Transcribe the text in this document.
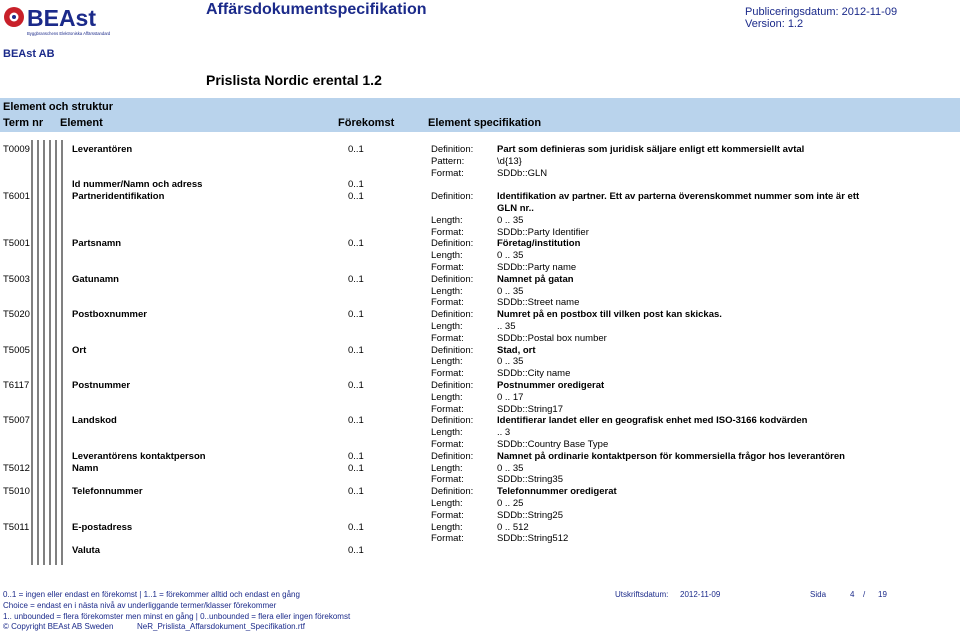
BEAst
Byggbranschens Elektroniska Affärsstandard
Affärsdokumentspecifikation	Publiceringsdatum: 2012-11-09
Version: 1.2
BEAst AB
Prislista Nordic erental 1.2
Element och struktur
Term nr Element	Förekomst	Element specifikation
T0009	Leverantören	0..1	Definition:	Part som definieras som juridisk säljare enligt ett kommersiellt avtal
Pattern:	\d{13}
Format:	SDDb::GLN
Id nummer/Namn och adress	0..1
T6001	Partneridentifikation	0..1	Definition:	Identifikation av partner. Ett av parterna överenskommet nummer som inte är ett
GLN nr..
Length:	0 .. 35
Format:	SDDb::Party Identifier
T5001	Partsnamn	0..1	Definition:	Företag/institution
Length:	0 .. 35
Format:	SDDb::Party name
T5003	Gatunamn	0..1	Definition:	Namnet på gatan
Length:	0 .. 35
Format:	SDDb::Street name
T5020	Postboxnummer	0..1	Definition:	Numret på en postbox till vilken post kan skickas.
Length:	.. 35
Format:	SDDb::Postal box number
T5005	Ort	0..1	Definition:	Stad, ort
Length:	0 .. 35
Format:	SDDb::City name
T6117	Postnummer	0..1	Definition:	Postnummer oredigerat
Length:	0 .. 17
Format:	SDDb::String17
T5007	Landskod	0..1	Definition:	Identifierar landet eller en geografisk enhet med ISO-3166 kodvärden
Length:	.. 3
Format:	SDDb::Country Base Type
Leverantörens kontaktperson	0..1	Definition:	Namnet på ordinarie kontaktperson för kommersiella frågor hos leverantören
T5012	Namn	0..1	Length:	0 .. 35
Format:	SDDb::String35
T5010	Telefonnummer	0..1	Definition:	Telefonnummer oredigerat
Length:	0 .. 25
Format:	SDDb::String25
T5011	E-postadress	0..1	Length:	0 .. 512
Format:	SDDb::String512
Valuta	0..1
0..1 = ingen eller endast en förekomst | 1..1 = förekommer alltid och endast en gång
Choice = endast en i nästa nivå av underliggande termer/klasser förekommer
1.. unbounded = flera förekomster men minst en gång | 0..unbounded = flera eller ingen förekomst
© Copyright BEAst AB Sweden	NeR_Prislista_Affarsdokument_Specifikation.rtf
Utskriftsdatum: 2012-11-09	Sida	4 / 19
